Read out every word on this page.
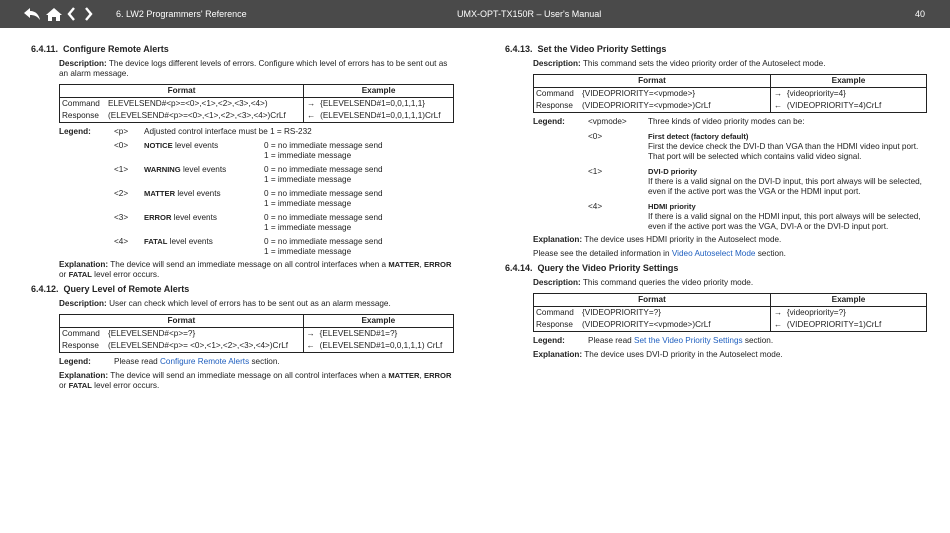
6. LW2 Programmers' Reference	UMX-OPT-TX150R – User's Manual	40
6.4.11. Configure Remote Alerts
Description: The device logs different levels of errors. Configure which level of errors has to be sent out as an alarm message.
Format		Example	
Command	ELEVELSEND#<p>=<0>,<1>,<2>,<3>,<4>)	→	{ELEVELSEND#1=0,0,1,1,1}
Response	(ELEVELSEND#<p>=<0>,<1>,<2>,<3>,<4>)CrLf	←	(ELEVELSEND#1=0,0,1,1,1)CrLf
Legend:	<p>	Adjusted control interface must be 1 = RS-232
<0>	NOTICE level events	0 = no immediate message send
1 = immediate message
<1>	WARNING level events	0 = no immediate message send
1 = immediate message
<2>	MATTER level events	0 = no immediate message send
1 = immediate message
<3>	ERROR level events	0 = no immediate message send
1 = immediate message
<4>	FATAL level events	0 = no immediate message send
1 = immediate message
Explanation: The device will send an immediate message on all control interfaces when a MATTER, ERROR or FATAL level error occurs.
6.4.12. Query Level of Remote Alerts
Description: User can check which level of errors has to be sent out as an alarm message.
Format		Example	
Command	{ELEVELSEND#<p>=?}	→	{ELEVELSEND#1=?}
Response	(ELEVELSEND#<p>= <0>,<1>,<2>,<3>,<4>)CrLf	←	(ELEVELSEND#1=0,0,1,1,1) CrLf
Legend:	Please read Configure Remote Alerts section.
Explanation: The device will send an immediate message on all control interfaces when a MATTER, ERROR or FATAL level error occurs.
6.4.13. Set the Video Priority Settings
Description: This command sets the video priority order of the Autoselect mode.
Format		Example	
Command	{VIDEOPRIORITY=<vpmode>}	→	{videopriority=4}
Response	(VIDEOPRIORITY=<vpmode>)CrLf	←	(VIDEOPRIORITY=4)CrLf
Legend:	<vpmode>	Three kinds of video priority modes can be:
<0>	First detect (factory default)
First the device check the DVI-D than VGA than the HDMI video input port. That port will be selected which contains valid video signal.
<1>	DVI-D priority
If there is a valid signal on the DVI-D input, this port always will be selected, even if the active port was the VGA or the HDMI input port.
<4>	HDMI priority
If there is a valid signal on the HDMI input, this port always will be selected, even if the active port was the VGA, DVI-A or the DVI-D input port.
Explanation: The device uses HDMI priority in the Autoselect mode.
Please see the detailed information in Video Autoselect Mode section.
6.4.14. Query the Video Priority Settings
Description: This command queries the video priority mode.
Format		Example	
Command	{VIDEOPRIORITY=?}	→	{videopriority=?}
Response	(VIDEOPRIORITY=<vpmode>)CrLf	←	(VIDEOPRIORITY=1)CrLf
Legend:	Please read Set the Video Priority Settings section.
Explanation: The device uses DVI-D priority in the Autoselect mode.
